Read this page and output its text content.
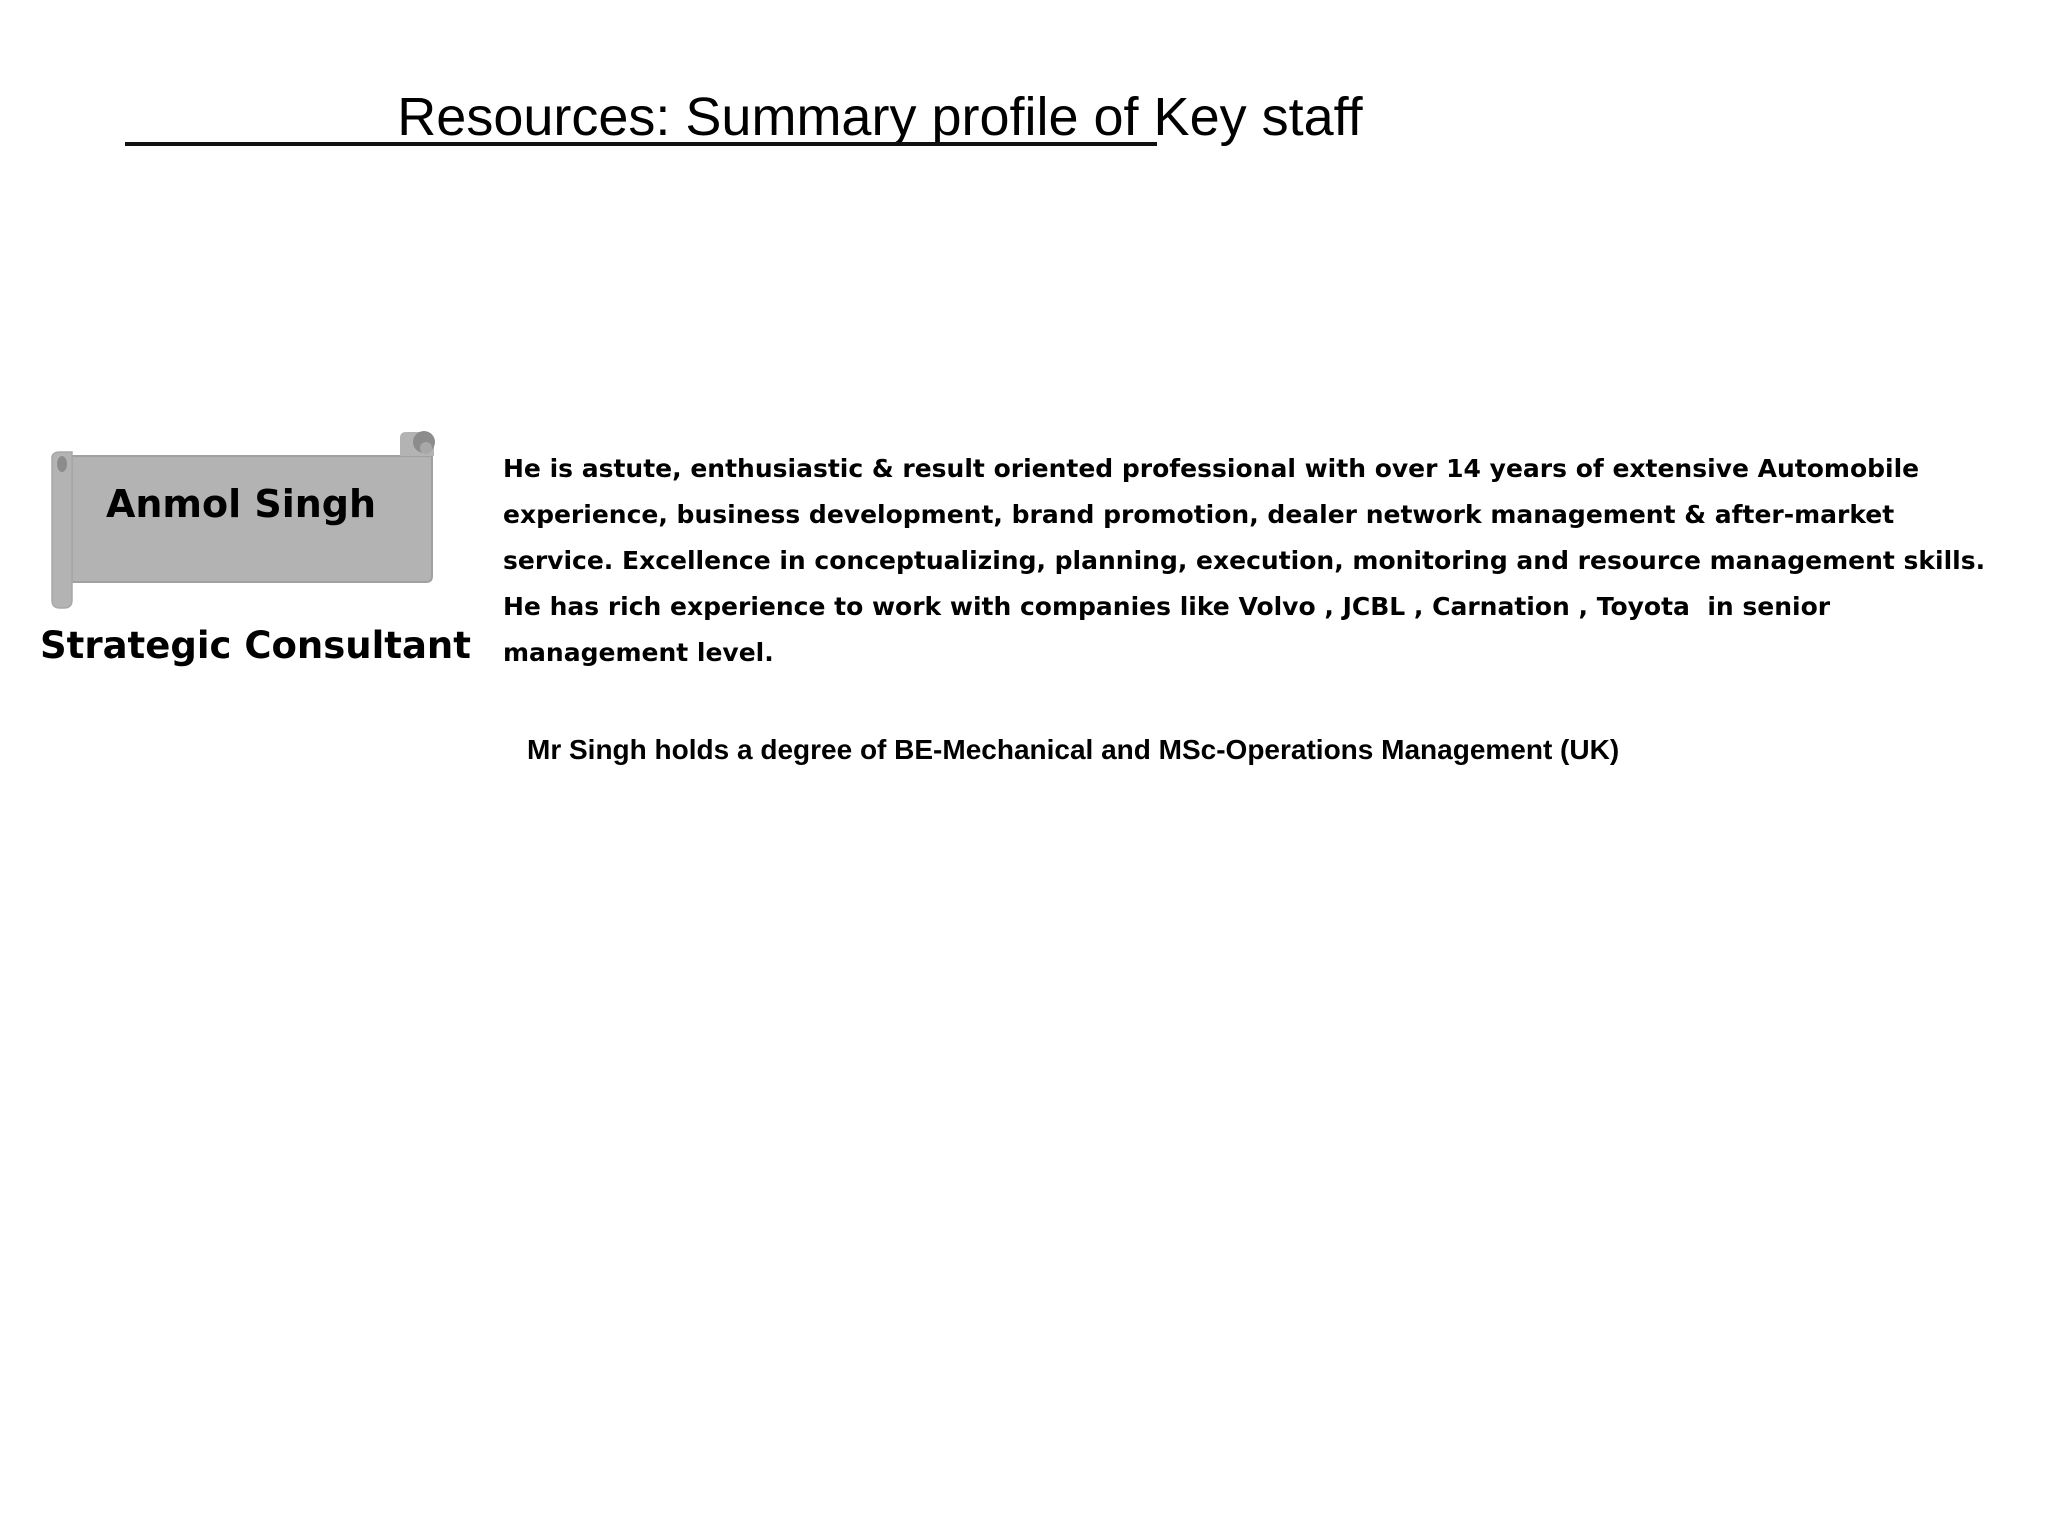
Resources: Summary profile of Key staff
Anmol Singh
Strategic Consultant
He is astute, enthusiastic & result oriented professional with over 14 years of extensive Automobile
experience, business development, brand promotion, dealer network management & after-market
service. Excellence in conceptualizing, planning, execution, monitoring and resource management skills.
He has rich experience to work with companies like Volvo , JCBL , Carnation , Toyota  in senior
management level.
Mr Singh holds a degree of BE-Mechanical and MSc-Operations Management (UK)
